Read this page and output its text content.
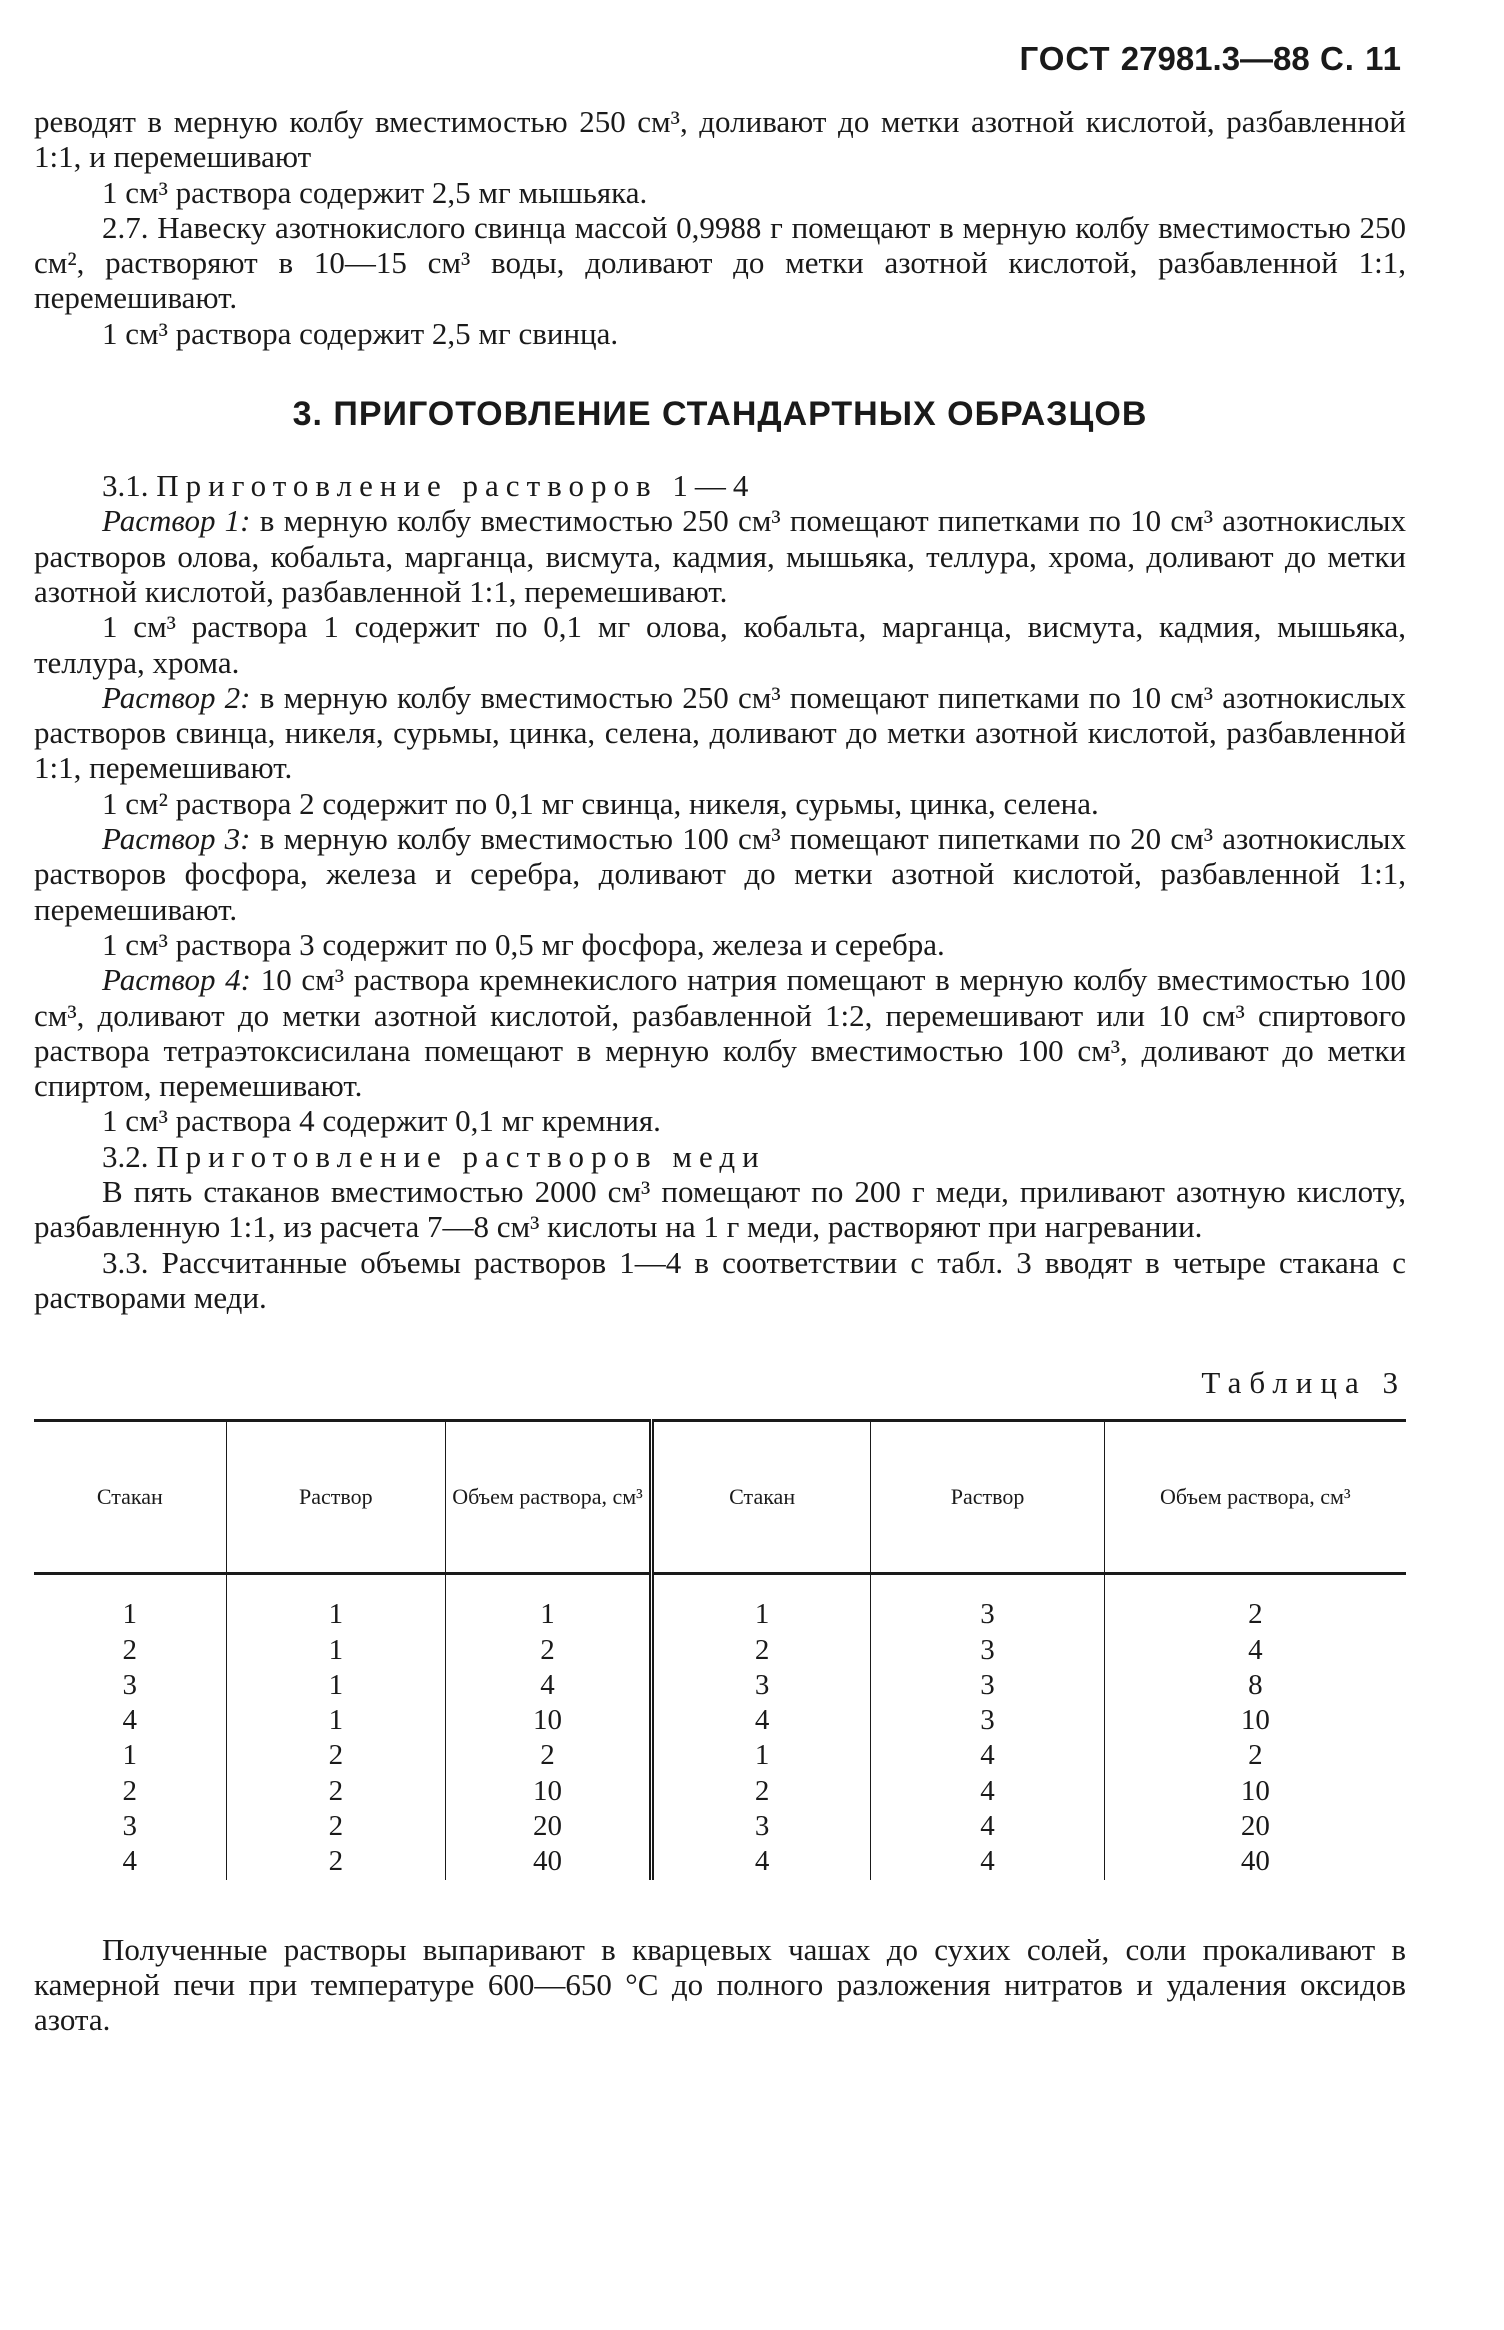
ГОСТ 27981.3—88 С. 11

реводят в мерную колбу вместимостью 250 см³, доливают до метки азотной кислотой, разбавленной 1:1, и перемешивают

1 см³ раствора содержит 2,5 мг мышьяка.

2.7. Навеску азотнокислого свинца массой 0,9988 г помещают в мерную колбу вместимостью 250 см², растворяют в 10—15 см³ воды, доливают до метки азотной кислотой, разбавленной 1:1, перемешивают.

1 см³ раствора содержит 2,5 мг свинца.

3. ПРИГОТОВЛЕНИЕ СТАНДАРТНЫХ ОБРАЗЦОВ

3.1. Приготовление растворов 1—4

Раствор 1: в мерную колбу вместимостью 250 см³ помещают пипетками по 10 см³ азотнокислых растворов олова, кобальта, марганца, висмута, кадмия, мышьяка, теллура, хрома, доливают до метки азотной кислотой, разбавленной 1:1, перемешивают.

1 см³ раствора 1 содержит по 0,1 мг олова, кобальта, марганца, висмута, кадмия, мышьяка, теллура, хрома.

Раствор 2: в мерную колбу вместимостью 250 см³ помещают пипетками по 10 см³ азотнокислых растворов свинца, никеля, сурьмы, цинка, селена, доливают до метки азотной кислотой, разбавленной 1:1, перемешивают.

1 см² раствора 2 содержит по 0,1 мг свинца, никеля, сурьмы, цинка, селена.

Раствор 3: в мерную колбу вместимостью 100 см³ помещают пипетками по 20 см³ азотнокислых растворов фосфора, железа и серебра, доливают до метки азотной кислотой, разбавленной 1:1, перемешивают.

1 см³ раствора 3 содержит по 0,5 мг фосфора, железа и серебра.

Раствор 4: 10 см³ раствора кремнекислого натрия помещают в мерную колбу вместимостью 100 см³, доливают до метки азотной кислотой, разбавленной 1:2, перемешивают или 10 см³ спиртового раствора тетраэтоксисилана помещают в мерную колбу вместимостью 100 см³, доливают до метки спиртом, перемешивают.

1 см³ раствора 4 содержит 0,1 мг кремния.

3.2. Приготовление растворов меди

В пять стаканов вместимостью 2000 см³ помещают по 200 г меди, приливают азотную кислоту, разбавленную 1:1, из расчета 7—8 см³ кислоты на 1 г меди, растворяют при нагревании.

3.3. Рассчитанные объемы растворов 1—4 в соответствии с табл. 3 вводят в четыре стакана с растворами меди.

Таблица 3
Стакан	Раствор	Объем раствора, см³	Стакан	Раствор	Объем раствора, см³
1	1	1	1	3	2
2	1	2	2	3	4
3	1	4	3	3	8
4	1	10	4	3	10
1	2	2	1	4	2
2	2	10	2	4	10
3	2	20	3	4	20
4	2	40	4	4	40

Полученные растворы выпаривают в кварцевых чашах до сухих солей, соли прокаливают в камерной печи при температуре 600—650 °С до полного разложения нитратов и удаления оксидов азота.
